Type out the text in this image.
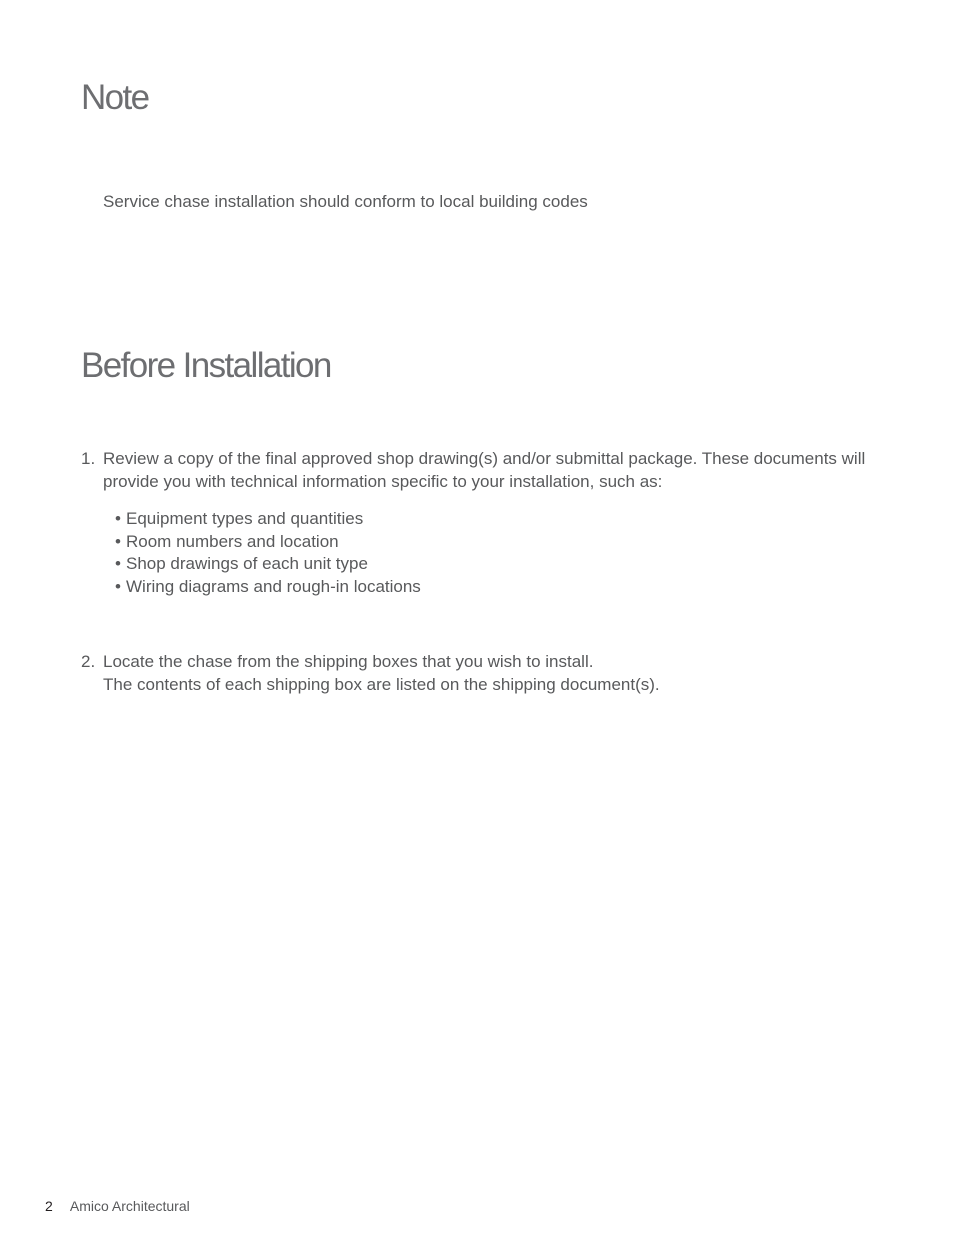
Note

Service chase installation should conform to local building codes

Before Installation
1. Review a copy of the final approved shop drawing(s) and/or submittal package. These documents will
provide you with technical information specific to your installation, such as:
• Equipment types and quantities
• Room numbers and location
• Shop drawings of each unit type
• Wiring diagrams and rough-in locations
2. Locate the chase from the shipping boxes that you wish to install.
The contents of each shipping box are listed on the shipping document(s).
2 Amico Architectural
